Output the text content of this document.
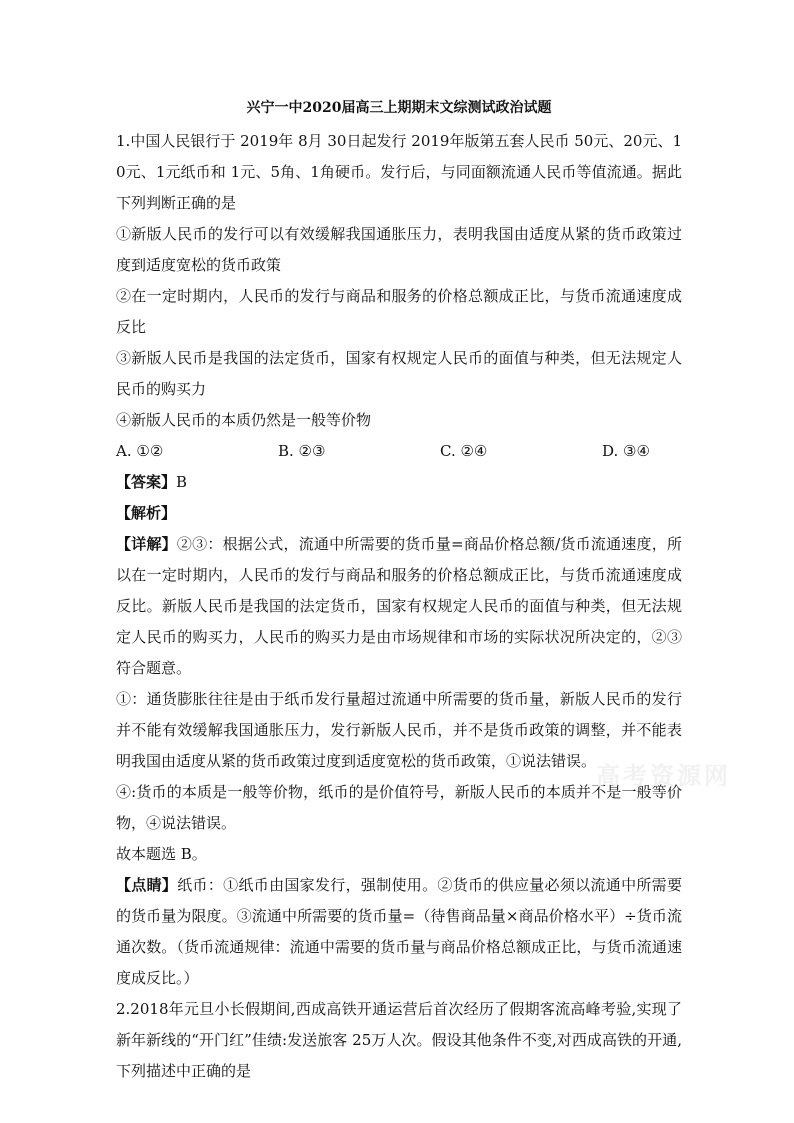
兴宁一中2020届高三上期期末文综测试政治试题

1.中国人民银行于 2019年 8月 30日起发行 2019年版第五套人民币 50元、20元、10元、1元纸币和 1元、5角、1角硬币。发行后，与同面额流通人民币等值流通。据此下列判断正确的是

①新版人民币的发行可以有效缓解我国通胀压力，表明我国由适度从紧的货币政策过度到适度宽松的货币政策

②在一定时期内，人民币的发行与商品和服务的价格总额成正比，与货币流通速度成反比

③新版人民币是我国的法定货币，国家有权规定人民币的面值与种类，但无法规定人民币的购买力

④新版人民币的本质仍然是一般等价物

A. ①②	B. ②③	C. ②④	D. ③④

【答案】B

【解析】

【详解】②③：根据公式，流通中所需要的货币量=商品价格总额/货币流通速度，所以在一定时期内，人民币的发行与商品和服务的价格总额成正比，与货币流通速度成反比。新版人民币是我国的法定货币，国家有权规定人民币的面值与种类，但无法规定人民币的购买力，人民币的购买力是由市场规律和市场的实际状况所决定的，②③符合题意。

①：通货膨胀往往是由于纸币发行量超过流通中所需要的货币量，新版人民币的发行并不能有效缓解我国通胀压力，发行新版人民币，并不是货币政策的调整，并不能表明我国由适度从紧的货币政策过度到适度宽松的货币政策，①说法错误。

④:货币的本质是一般等价物，纸币的是价值符号，新版人民币的本质并不是一般等价物，④说法错误。

故本题选 B。

【点睛】纸币：①纸币由国家发行，强制使用。②货币的供应量必须以流通中所需要的货币量为限度。③流通中所需要的货币量=（待售商品量×商品价格水平）÷货币流通次数。（货币流通规律：流通中需要的货币量与商品价格总额成正比，与货币流通速度成反比。）

2.2018年元旦小长假期间,西成高铁开通运营后首次经历了假期客流高峰考验,实现了新年新线的“开门红”佳绩:发送旅客 25万人次。假设其他条件不变,对西成高铁的开通,下列描述中正确的是

高考资源网
